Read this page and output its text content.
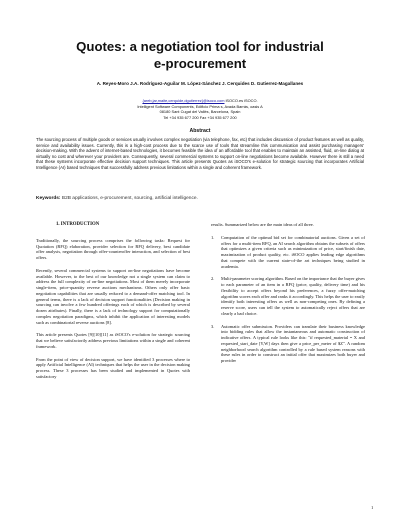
Quotes: a negotiation tool for industrial
e-procurement
A. Reyes-Moro J.A. Rodríguez-Aguilar M. López-Sánchez J. Cerquides D. Gutierrez-Magallanes
{areb,jar,maite,cerquide,dgutierrez}@isoco.com iSOCO.es iSOCO.
Intelligent Software Components, Edificio Prima s, Avada Barrás, oasis A
08180 Sant Cugat del Vallès, Barcelona, Spain
Tel +34 935 677 200 Fax +34 935 677 200
Abstract
The sourcing process of multiple goods or services usually involves complex negotiation (via telephone, fax, etc) that includes discussion of product features as well as quality, service and availability issues. Currently, this is a high-cost process due to the scarce use of tools that streamline this communication and assist purchasing managers' decision-making. With the advent of internet-based technologies, it becomes feasible the idea of an affordable tool that enables to maintain an assisted, fluid, on-line dialog at virtually no cost and wherever your providers are. Consequently, several commercial systems to support on-line negotiations become available. However there is still a need that these systems incorporate effective decision support techniques. This article presents Quotes as iSOCO's e-solution for strategic sourcing that incorporates Artificial Intelligence (AI) based techniques that successfully address previous limitations within a single and coherent framework.
Keywords: B2B applications, e-procurement, sourcing, artificial intelligence.
1. INTRODUCTION
Traditionally, the sourcing process comprises the following tasks: Request for Quotation (RFQ) elaboration, provider selection for RFQ delivery, best candidate offer analysis, negotiation through offer-counteroffer interaction, and selection of best offers.
Recently, several commercial systems to support on-line negotiations have become available. However, to the best of our knowledge not a single system can claim to address the full complexity of on-line negotiations. Most of them merely incorporate single-item, price-quantity reverse auctions mechanisms. Others only offer basic negotiation capabilities that are usually reduced to a demand-offer matching tool. In general terms, there is a lack of decision support functionalities (Decision making in sourcing can involve a few hundred offerings each of which is described by several dozen attributes). Finally, there is a lack of technology support for computationally complex negotiation paradigms, which inhibit the application of interesting models such as combinatorial reverse auctions [8].
This article presents Quotes [9][10][11] as iSOCO's e-solution for strategic sourcing that we believe satisfactorily address previous limitations within a single and coherent framework.
From the point of view of decision support, we have identified 3 processes where to apply Artificial Intelligence (AI) techniques that helps the user in the decision making process. These 3 processes has been studied and implemented in Quotes with satisfactory
results. Summarized below are the main ideas of all three.
1.	Computation of the optimal bid set for combinatorial auctions. Given a set of offers for a multi-item RFQ, an AI search algorithm obtains the subsets of offers that optimizes a given criteria such as minimization of price, start/finish date, maximization of product quality, etc. iSOCO applies leading edge algorithms that compete with the current state-of-the art techniques being studied in academia.
2.	Multi-parameter scoring algorithm. Based on the importance that the buyer gives to each parameter of an item in a RFQ (price, quality, delivery time) and his flexibility to accept offers beyond his preferences, a fuzzy offer-matching algorithm scores each offer and ranks it accordingly. This helps the user to easily identify both interesting offers as well as non-competing ones. By defining a reserve score, users can tell the system to automatically reject offers that are clearly a bad choice.
3.	Automatic offer submission. Providers can translate their business knowledge into bidding rules that allow the instantaneous and automatic construction of indicative offers. A typical rule looks like this: "if requested_material = X and requested_start_date [Y,W] days then give a price_per_meter of $Z". A random neighborhood search algorithm controlled by a rule based system reasons with these rules in order to construct an initial offer that maximizes both buyer and provider
1
